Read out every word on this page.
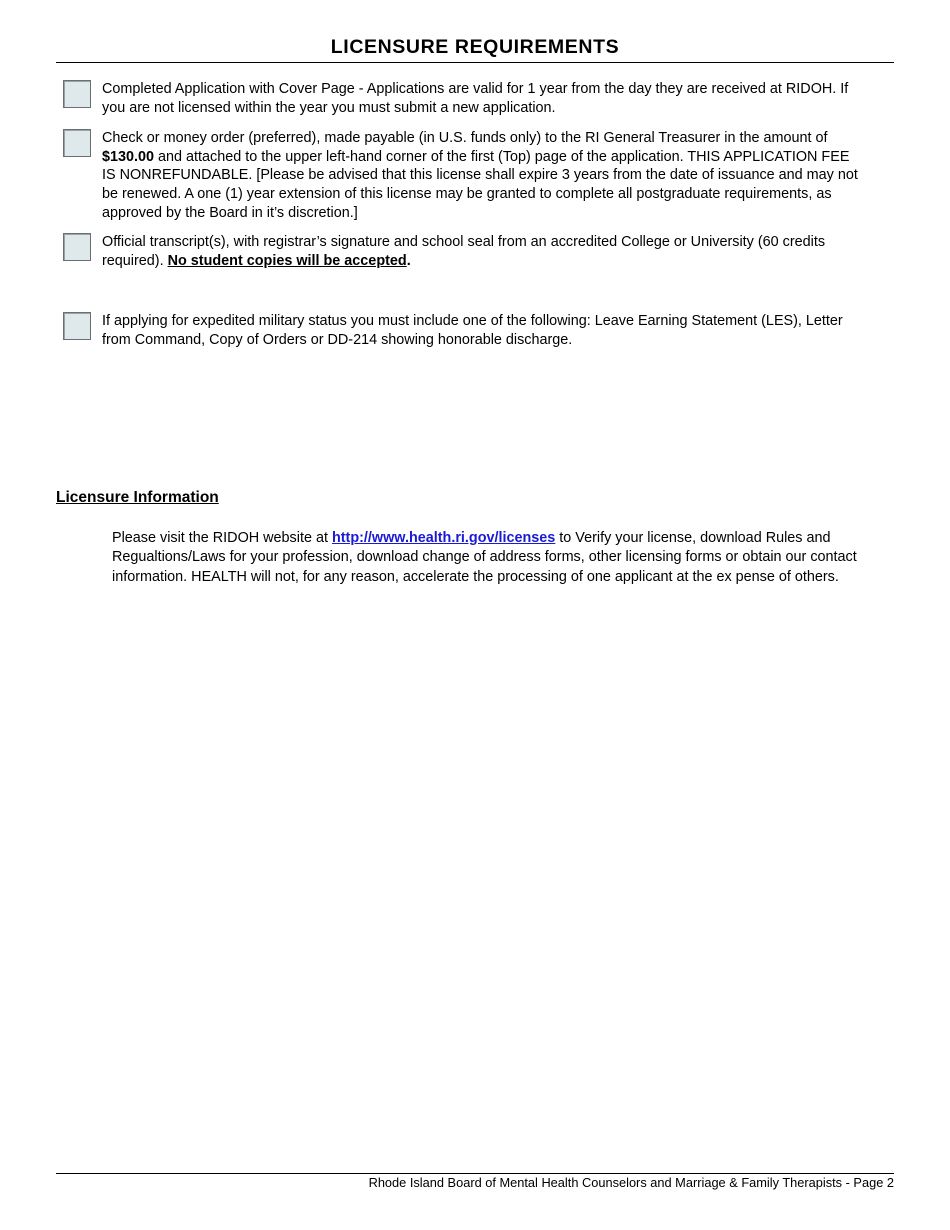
LICENSURE REQUIREMENTS
Completed Application with Cover Page - Applications are valid for 1 year from the day they are received at RIDOH. If you are not licensed within the year you must submit a new application.
Check or money order (preferred), made payable (in U.S. funds only) to the RI General Treasurer in the amount of $130.00 and attached to the upper left-hand corner of the first (Top) page of the application. THIS APPLICATION FEE IS NONREFUNDABLE. [Please be advised that this license shall expire 3 years from the date of issuance and may not be renewed. A one (1) year extension of this license may be granted to complete all postgraduate requirements, as approved by the Board in it’s discretion.]
Official transcript(s), with registrar’s signature and school seal from an accredited College or University (60 credits required). No student copies will be accepted.
If applying for expedited military status you must include one of the following: Leave Earning Statement (LES), Letter from Command, Copy of Orders or DD-214 showing honorable discharge.
Licensure Information
Please visit the RIDOH website at http://www.health.ri.gov/licenses to Verify your license, download Rules and Regualtions/Laws for your profession, download change of address forms, other licensing forms or obtain our contact information. HEALTH will not, for any reason, accelerate the processing of one applicant at the ex pense of others.
Rhode Island Board of Mental Health Counselors and Marriage & Family Therapists - Page 2
